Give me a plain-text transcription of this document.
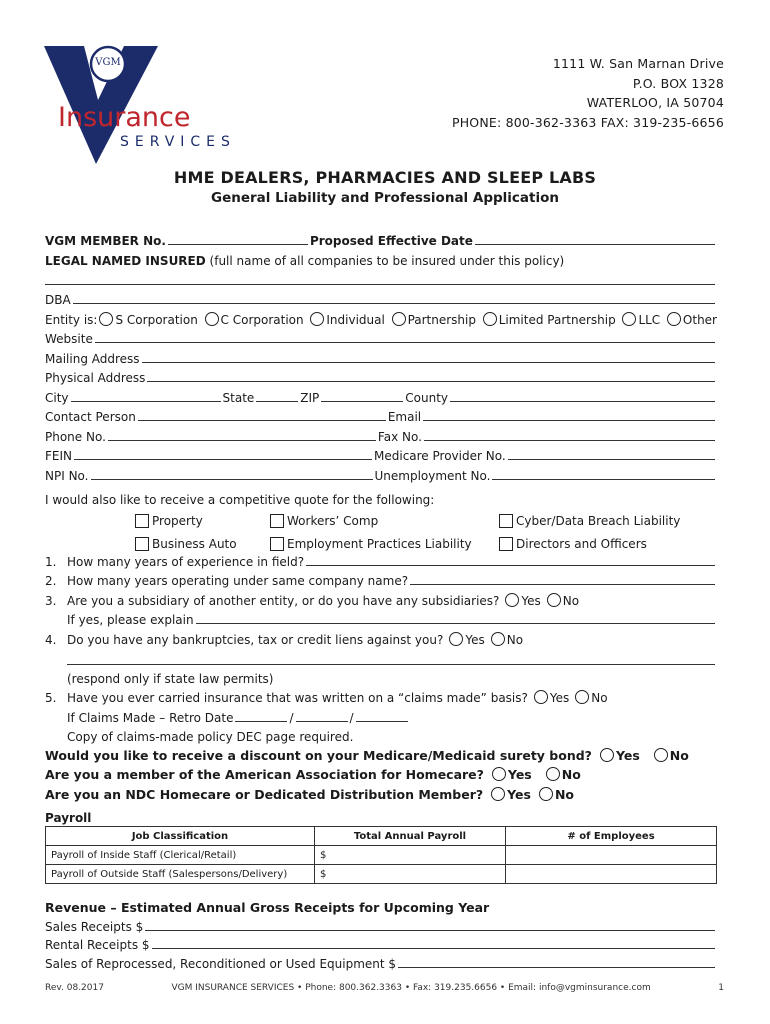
VGM
Insurance
SERVICES
1111 W. San Marnan Drive
P.O. BOX 1328
WATERLOO, IA 50704
PHONE: 800-362-3363 FAX: 319-235-6656
HME DEALERS, PHARMACIES AND SLEEP LABS
General Liability and Professional Application
VGM MEMBER No.	Proposed Effective Date
LEGAL NAMED INSURED
(full name of all companies to be insured under this policy)
DBA
Entity is: S Corporation C Corporation Individual Partnership Limited Partnership LLC Other
Website
Mailing Address
Physical Address
City	State	ZIP	County
Contact Person	Email
Phone No.	Fax No.
FEIN	Medicare Provider No.
NPI No.	Unemployment No.
I would also like to receive a competitive quote for the following:
Property

Business Auto
Workers’ Comp

Employment Practices Liability
Cyber/Data Breach Liability

Directors and Officers
1. How many years of experience in field?
2. How many years operating under same company name?
3. Are you a subsidiary of another entity, or do you have any subsidiaries? Yes No
If yes, please explain
4. Do you have any bankruptcies, tax or credit liens against you? Yes No
(respond only if state law permits)
5. Have you ever carried insurance that was written on a “claims made” basis? Yes No
If Claims Made – Retro Date	/	/
Copy of claims-made policy DEC page required.
Would you like to receive a discount on your Medicare/Medicaid surety bond? Yes No
Are you a member of the American Association for Homecare? Yes No
Are you an NDC Homecare or Dedicated Distribution Member? Yes No
Payroll
Job Classification	Total Annual Payroll	# of Employees
Payroll of Inside Staff (Clerical/Retail)	$	
Payroll of Outside Staff (Salespersons/Delivery)	$	
Revenue – Estimated Annual Gross Receipts for Upcoming Year
Sales Receipts $
Rental Receipts $
Sales of Reprocessed, Reconditioned or Used Equipment $
Rev. 08.2017	VGM INSURANCE SERVICES • Phone: 800.362.3363 • Fax: 319.235.6656 • Email: info@vgminsurance.com	1
